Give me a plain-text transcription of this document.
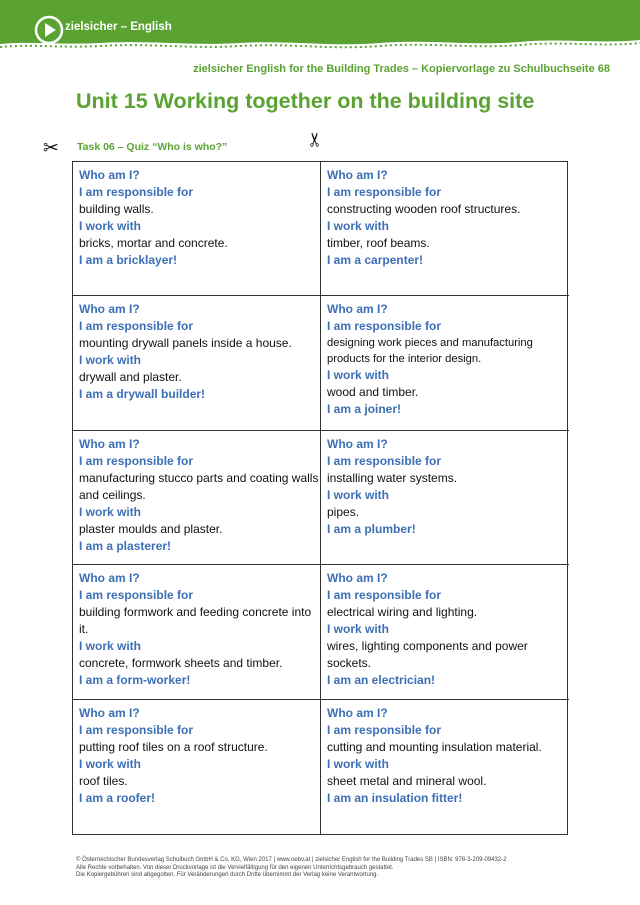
zielsicher – English
zielsicher English for the Building Trades – Kopiervorlage zu Schulbuchseite 68
Unit 15 Working together on the building site
✂	✂
Task 06 – Quiz “Who is who?”
Who am I?
I am responsible for
building walls.
I work with
bricks, mortar and concrete.
I am a bricklayer!
Who am I?
I am responsible for
constructing wooden roof structures.
I work with
timber, roof beams.
I am a carpenter!
Who am I?
I am responsible for
mounting drywall panels inside a house.
I work with
drywall and plaster.
I am a drywall builder!
Who am I?
I am responsible for
designing work pieces and manufacturing products for the interior design.
I work with
wood and timber.
I am a joiner!
Who am I?
I am responsible for
manufacturing stucco parts and coating walls and ceilings.
I work with
plaster moulds and plaster.
I am a plasterer!
Who am I?
I am responsible for
installing water systems.
I work with
pipes.
I am a plumber!
Who am I?
I am responsible for
building formwork and feeding concrete into it.
I work with
concrete, formwork sheets and timber.
I am a form-worker!
Who am I?
I am responsible for
electrical wiring and lighting.
I work with
wires, lighting components and power sockets.
I am an electrician!
Who am I?
I am responsible for
putting roof tiles on a roof structure.
I work with
roof tiles.
I am a roofer!
Who am I?
I am responsible for
cutting and mounting insulation material.
I work with
sheet metal and mineral wool.
I am an insulation fitter!
© Österreichischer Bundesverlag Schulbuch GmbH & Co. KG, Wien 2017 | www.oebv.at | zielsicher English for the Building Trades SB | ISBN: 978-3-209-09432-2
Alle Rechte vorbehalten. Von dieser Druckvorlage ist die Vervielfältigung für den eigenen Unterrichtsgebrauch gestattet.
Die Kopiergebühren sind abgegolten. Für Veränderungen durch Dritte übernimmt der Verlag keine Verantwortung.
